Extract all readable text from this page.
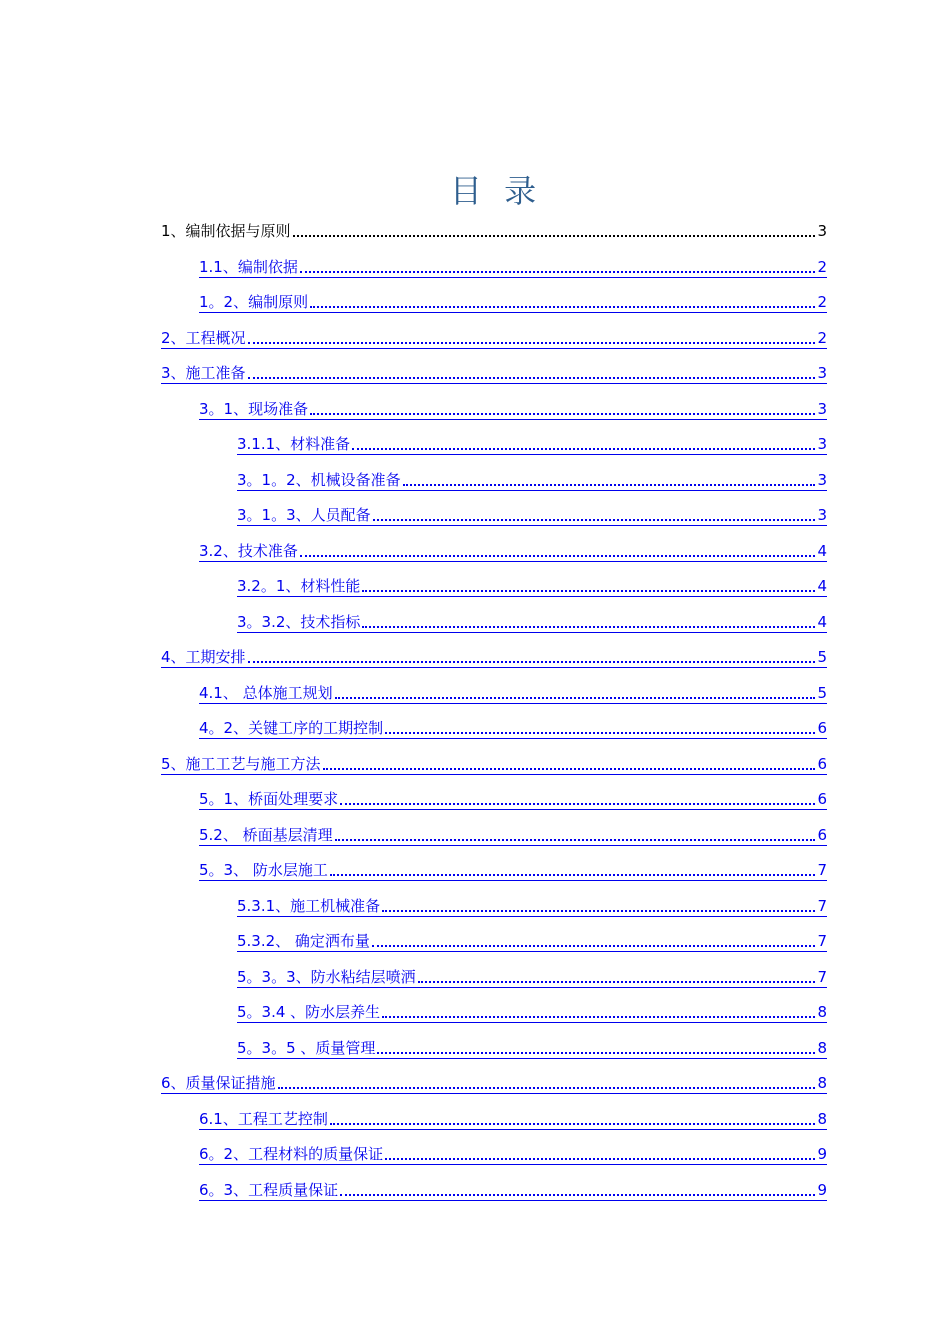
目 录
1、编制依据与原则	3
1.1、编制依据	2
1。2、编制原则	2
2、工程概况	2
3、施工准备	3
3。1、现场准备	3
3.1.1、材料准备	3
3。1。2、机械设备准备	3
3。1。3、人员配备	3
3.2、技术准备	4
3.2。1、材料性能	4
3。3.2、技术指标	4
4、工期安排	5
4.1、 总体施工规划	5
4。2、关键工序的工期控制	6
5、施工工艺与施工方法	6
5。1、桥面处理要求	6
5.2、 桥面基层清理	6
5。3、 防水层施工	7
5.3.1、施工机械准备	7
5.3.2、 确定洒布量	7
5。3。3、防水粘结层喷洒	7
5。3.4 、防水层养生	8
5。3。5 、质量管理	8
6、质量保证措施	8
6.1、工程工艺控制	8
6。2、工程材料的质量保证	9
6。3、工程质量保证	9
